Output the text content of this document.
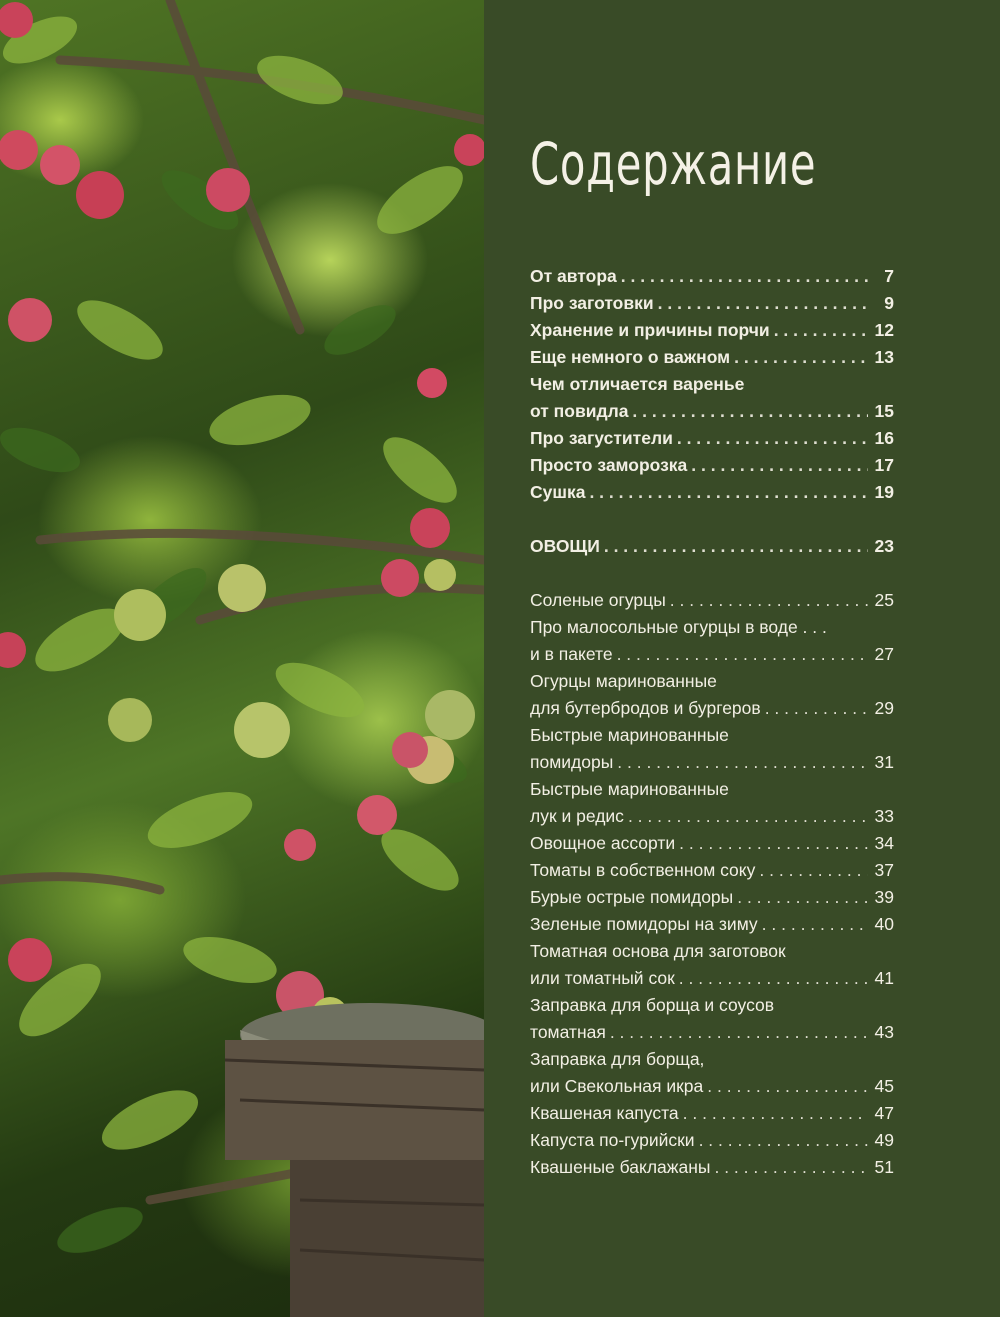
Содержание
От автора . . .	7
Про заготовки . . .	9
Хранение и причины порчи . . .	12
Еще немного о важном . . .	13
Чем отличается варенье
от повидла . . .	15
Про загустители . . .	16
Просто заморозка . . .	17
Сушка . . .	19
ОВОЩИ . . .	23
Соленые огурцы . . .	25
Про малосольные огурцы в воде . . .
и в пакете . . .	27
Огурцы маринованные
для бутербродов и бургеров . . .	29
Быстрые маринованные
помидоры . . .	31
Быстрые маринованные
лук и редис . . .	33
Овощное ассорти . . .	34
Томаты в собственном соку . . .	37
Бурые острые помидоры . . .	39
Зеленые помидоры на зиму . . .	40
Томатная основа для заготовок
или томатный сок . . .	41
Заправка для борща и соусов
томатная . . .	43
Заправка для борща,
или Свекольная икра . . .	45
Квашеная капуста . . .	47
Капуста по-гурийски . . .	49
Квашеные баклажаны . . .	51
